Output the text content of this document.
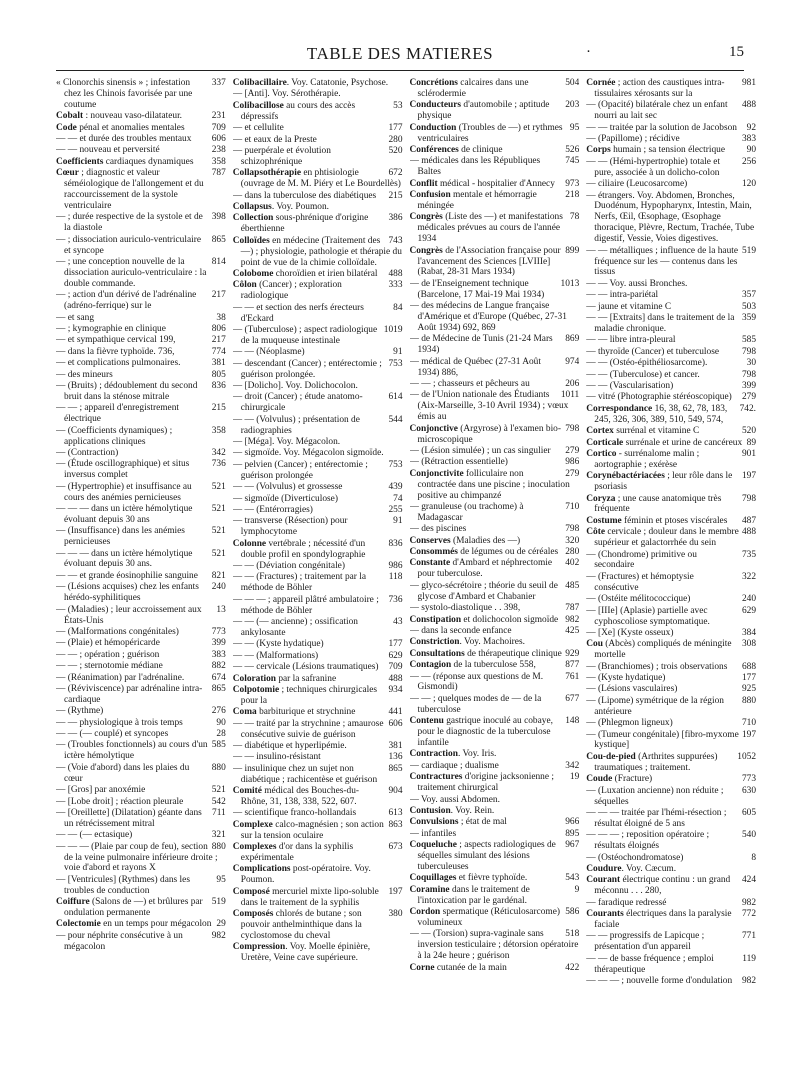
TABLE DES MATIERES	·	15
337
« Clonorchis sinensis » ; infestation chez les Chinois favorisée par une coutume
231
Cobalt : nouveau vaso-dilatateur.
709
Code pénal et anomalies mentales
606
— — et durée des troubles mentaux
238
— — nouveau et perversité
358
Coefficients cardiaques dynamiques
787
Cœur ; diagnostic et valeur séméiologique de l'allongement et du raccourcissement de la systole ventriculaire
398
— ; durée respective de la systole et de la diastole
865
— ; dissociation auriculo-ventriculaire et syncope
814
— ; une conception nouvelle de la dissociation auriculo-ventriculaire : la double commande.
217
— ; action d'un dérivé de l'adrénaline (adréno-ferrique) sur le
38
— et sang
806
— ; kymographie en clinique
217
— et sympathique cervical 199,
774
— dans la fièvre typhoïde. 736,
381
— et complications pulmonaires.
805
— des mineurs
836
— (Bruits) ; dédoublement du second bruit dans la sténose mitrale
215
— — ; appareil d'enregistrement électrique
358
— (Coefficients dynamiques) ; applications cliniques
342
— (Contraction)
736
— (Étude oscillographique) et situs inversus complet
521
— (Hypertrophie) et insuffisance au cours des anémies pernicieuses
521
— — — dans un ictère hémolytique évoluant depuis 30 ans
521
— (Insuffisance) dans les anémies pernicieuses
521
— — — dans un ictère hémolytique évoluant depuis 30 ans.
821
— — et grande éosinophilie sanguine
240
— (Lésions acquises) chez les enfants hérédo-syphilitiques
13
— (Maladies) ; leur accroissement aux États-Unis
773
— (Malformations congénitales)
399
— (Plaie) et hémopéricarde
383
— — ; opération ; guérison
882
— — ; sternotomie médiane
674
— (Réanimation) par l'adrénaline.
865
— (Réviviscence) par adrénaline intra-cardiaque
276
— (Rythme)
90
— — physiologique à trois temps
28
— — (— couplé) et syncopes
585
— (Troubles fonctionnels) au cours d'un ictère hémolytique
880
— (Voie d'abord) dans les plaies du cœur
521
— [Gros] par anoxémie
542
— [Lobe droit] ; réaction pleurale
711
— [Oreillette] (Dilatation) géante dans un rétrécissement mitral
321
— — (— ectasique)
880
— — — (Plaie par coup de feu), section de la veine pulmonaire inférieure droite ; voie d'abord et rayons X
95
— [Ventricules] (Rythmes) dans les troubles de conduction
519
Coiffure (Salons de —) et brûlures par ondulation permanente
29
Colectomie en un temps pour mégacolon
982
— pour néphrite consécutive à un mégacolon
Colibacillaire. Voy. Catatonie, Psychose.
— [Anti]. Voy. Sérothérapie.
53
Colibacillose au cours des accès dépressifs
177
— et cellulite
280
— et eaux de la Preste
520
— puerpérale et évolution schizophrénique
672
Collapsothérapie en phtisiologie (ouvrage de M. M. Piéry et Le Bourdellès)
215
— dans la tuberculose des diabétiques
Collapsus. Voy. Poumon.
386
Collection sous-phrénique d'origine éberthienne
743
Colloïdes en médecine (Traitement des —) ; physiologie, pathologie et thérapie du point de vue de la chimie colloïdale.
488
Colobome choroïdien et irien bilatéral
333
Côlon (Cancer) ; exploration radiologique
84
— — et section des nerfs érecteurs d'Eckard
1019
— (Tuberculose) ; aspect radiologique de la muqueuse intestinale
91
— — (Néoplasme)
753
— descendant (Cancer) ; entérectomie ; guérison prolongée.
— [Dolicho]. Voy. Dolichocolon.
614
— droit (Cancer) ; étude anatomo-chirurgicale
544
— — (Volvulus) ; présentation de radiographies
— [Méga]. Voy. Mégacolon.
— sigmoïde. Voy. Mégacolon sigmoïde.
753
— pelvien (Cancer) ; entérectomie ; guérison prolongée
439
— — (Volvulus) et grossesse
74
— sigmoïde (Diverticulose)
255
— — (Entérorragies)
91
— transverse (Résection) pour lymphocytome
836
Colonne vertébrale ; nécessité d'un double profil en spondylographie
986
— — (Déviation congénitale)
118
— — (Fractures) ; traitement par la méthode de Böhler
736
— — — ; appareil plâtré ambulatoire ; méthode de Böhler
43
— — (— ancienne) ; ossification ankylosante
177
— — (Kyste hydatique)
629
— — (Malformations)
709
— — cervicale (Lésions traumatiques)
488
Coloration par la safranine
934
Colpotomie ; techniques chirurgicales pour la
441
Coma barbiturique et strychnine
606
— — traité par la strychnine ; amaurose consécutive suivie de guérison
381
— diabétique et hyperlipémie.
136
— — insulino-résistant
865
— insulinique chez un sujet non diabétique ; rachicentèse et guérison
904
Comité médical des Bouches-du-Rhône, 31, 138, 338, 522, 607.
613
— scientifique franco-hollandais
863
Complexe calco-magnésien ; son action sur la tension oculaire
673
Complexes d'or dans la syphilis expérimentale
Complications post-opératoire. Voy. Poumon.
197
Composé mercuriel mixte lipo-soluble dans le traitement de la syphilis
380
Composés chlorés de butane ; son pouvoir anthelminthique dans la cyclostomose du cheval
Compression. Voy. Moelle épinière, Uretère, Veine cave supérieure.
504
Concrétions calcaires dans une sclérodermie
203
Conducteurs d'automobile ; aptitude physique
95
Conduction (Troubles de —) et rythmes ventriculaires
526
Conférences de clinique
745
— médicales dans les Républiques Baltes
973
Conflit médical - hospitalier d'Annecy
218
Confusion mentale et hémorragie méningée
78
Congrès (Liste des —) et manifestations médicales prévues au cours de l'année 1934
899
Congrès de l'Association française pour l'avancement des Sciences [LVIIIe] (Rabat, 28-31 Mars 1934)
1013
— de l'Enseignement technique (Barcelone, 17 Mai-19 Mai 1934)
— des médecins de Langue française d'Amérique et d'Europe (Québec, 27-31 Août 1934) 692, 869
869
— de Médecine de Tunis (21-24 Mars 1934)
974
— médical de Québec (27-31 Août 1934) 886,
206
— — ; chasseurs et pêcheurs au
1011
— de l'Union nationale des Étudiants (Aix-Marseille, 3-10 Avril 1934) ; vœux émis au
798
Conjonctive (Argyrose) à l'examen bio-microscopique
279
— (Lésion simulée) ; un cas singulier
986
— (Rétraction essentielle)
279
Conjonctivite folliculaire non contractée dans une piscine ; inoculation positive au chimpanzé
710
— granuleuse (ou trachome) à Madagascar
798
— des piscines
320
Conserves (Maladies des —)
280
Consommés de légumes ou de céréales
402
Constante d'Ambard et néphrectomie pour tuberculose.
485
— glyco-sécrétoire ; théorie du seuil de glycose d'Ambard et Chabanier
787
— systolo-diastolique . . 398,
982
Constipation et dolichocolon sigmoïde
425
— dans la seconde enfance
Constriction. Voy. Machoires.
929
Consultations de thérapeutique clinique
877
Contagion de la tuberculose 558,
761
— — (réponse aux questions de M. Gismondi)
677
— — ; quelques modes de — de la tuberculose
148
Contenu gastrique inoculé au cobaye, pour le diagnostic de la tuberculose infantile
Contraction. Voy. Iris.
342
— cardiaque ; dualisme
19
Contractures d'origine jacksonienne ; traitement chirurgical
— Voy. aussi Abdomen.
Contusion. Voy. Rein.
966
Convulsions ; état de mal
895
— infantiles
967
Coqueluche ; aspects radiologiques de séquelles simulant des lésions tuberculeuses
543
Coquillages et fièvre typhoïde.
9
Coramine dans le traitement de l'intoxication par le gardénal.
586
Cordon spermatique (Réticulosarcome) volumineux
518
— — (Torsion) supra-vaginale sans inversion testiculaire ; détorsion opératoire à la 24e heure ; guérison
422
Corne cutanée de la main
981
Cornée ; action des caustiques intra-tissulaires xérosants sur la
488
— (Opacité) bilatérale chez un enfant nourri au lait sec
92
— — traitée par la solution de Jacobson
383
— (Papillome) ; récidive
90
Corps humain ; sa tension électrique
256
— — (Hémi-hypertrophie) totale et pure, associée à un dolicho-colon
120
— ciliaire (Leucosarcome)
— étrangers. Voy. Abdomen, Bronches, Duodénum, Hypopharynx, Intestin, Main, Nerfs, Œil, Œsophage, Œsophage thoracique, Plèvre, Rectum, Trachée, Tube digestif, Vessie, Voies digestives.
519
— — métalliques ; influence de la haute fréquence sur les — contenus dans les tissus
— — Voy. aussi Bronches.
357
— — intra-pariétal
503
— jaune et vitamine C
359
— — [Extraits] dans le traitement de la maladie chronique.
585
— — libre intra-pleural
798
— thyroïde (Cancer) et tuberculose
30
— — (Ostéo-épithéliosarcome).
798
— — (Tuberculose) et cancer.
399
— — (Vascularisation)
279
— vitré (Photographie stéréoscopique)
742.
Correspondance 16, 38, 62, 78, 183, 245, 326, 306, 389, 510, 549, 574,
520
Cortex surrénal et vitamine C
89
Corticale surrénale et urine de cancéreux
901
Cortico - surrénalome malin ; aortographie ; exérèse
197
Corynébactériacées ; leur rôle dans le psoriasis
798
Coryza ; une cause anatomique très fréquente
487
Costume féminin et ptoses viscérales
488
Côte cervicale ; douleur dans le membre supérieur et galactorrhée du sein
735
— (Chondrome) primitive ou secondaire
322
— (Fractures) et hémoptysie consécutive
240
— (Ostéite mélitococcique)
629
— [IIIe] (Aplasie) partielle avec cyphoscoliose symptomatique.
384
— [Xe] (Kyste osseux)
308
Cou (Abcès) compliqués de méningite mortelle
688
— (Branchiomes) ; trois observations
177
— (Kyste hydatique)
925
— (Lésions vasculaires)
880
— (Lipome) symétrique de la région antérieure
710
— (Phlegmon ligneux)
197
— (Tumeur congénitale) [fibro-myxome kystique]
1052
Cou-de-pied (Arthrites suppurées) traumatiques ; traitement.
773
Coude (Fracture)
630
— (Luxation ancienne) non réduite ; séquelles
605
— — — traitée par l'hémi-résection ; résultat éloigné de 5 ans
540
— — — ; reposition opératoire ; résultats éloignés
8
— (Ostéochondromatose)
Coudure. Voy. Cæcum.
424
Courant électrique continu : un grand méconnu . . . 280,
982
— faradique redressé
772
Courants électriques dans la paralysie faciale
771
— — progressifs de Lapicque ; présentation d'un appareil
119
— — de basse fréquence ; emploi thérapeutique
982
— — — ; nouvelle forme d'ondulation
